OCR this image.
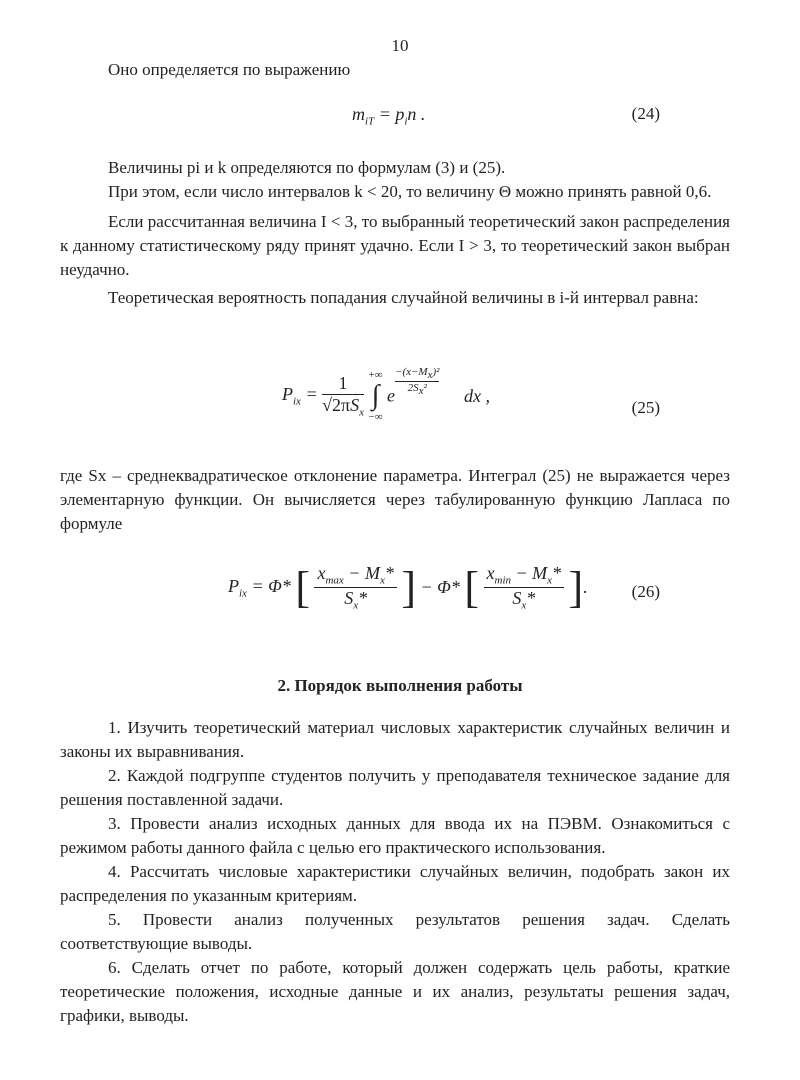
10

Оно определяется по выражению

$m_{iT} = p_in$ .	(24)

Величины pi и k определяются по формулам (3) и (25).

При этом, если число интервалов k < 20, то величину Θ можно принять равной 0,6.

Если рассчитанная величина I < 3, то выбранный теоретический закон распределения к данному статистическому ряду принят удачно. Если I > 3, то теоретический закон выбран неудачно.

Теоретическая вероятность попадания случайной величины в i-й интервал равна:

$P_{ix} = \frac{1}{√2\pi S_x}$
+∞
∫
−∞
e $\frac{-(x-M_x)^2}{2S_x^2}$ dx ,
(25)

где Sx – среднеквадратическое отклонение параметра. Интеграл (25) не выражается через элементарную функции. Он вычисляется через табулированную функцию Лапласа по формуле

$P_{ix} = \Phi*$ [ $\frac{x_{max} - M_x*}{S_x*}$ ] − Φ* [ $\frac{x_{min} - M_x*}{S_x*}$ ].	(26)
2. Порядок выполнения работы

1. Изучить теоретический материал числовых характеристик случайных величин и законы их выравнивания.

2. Каждой подгруппе студентов получить у преподавателя техническое задание для решения поставленной задачи.

3. Провести анализ исходных данных для ввода их на ПЭВМ. Ознакомиться с режимом работы данного файла с целью его практического использования.

4. Рассчитать числовые характеристики случайных величин, подобрать закон их распределения по указанным критериям.

5. Провести анализ полученных результатов решения задач. Сделать соответствующие выводы.

6. Сделать отчет по работе, который должен содержать цель работы, краткие теоретические положения, исходные данные и их анализ, результаты решения задач, графики, выводы.
